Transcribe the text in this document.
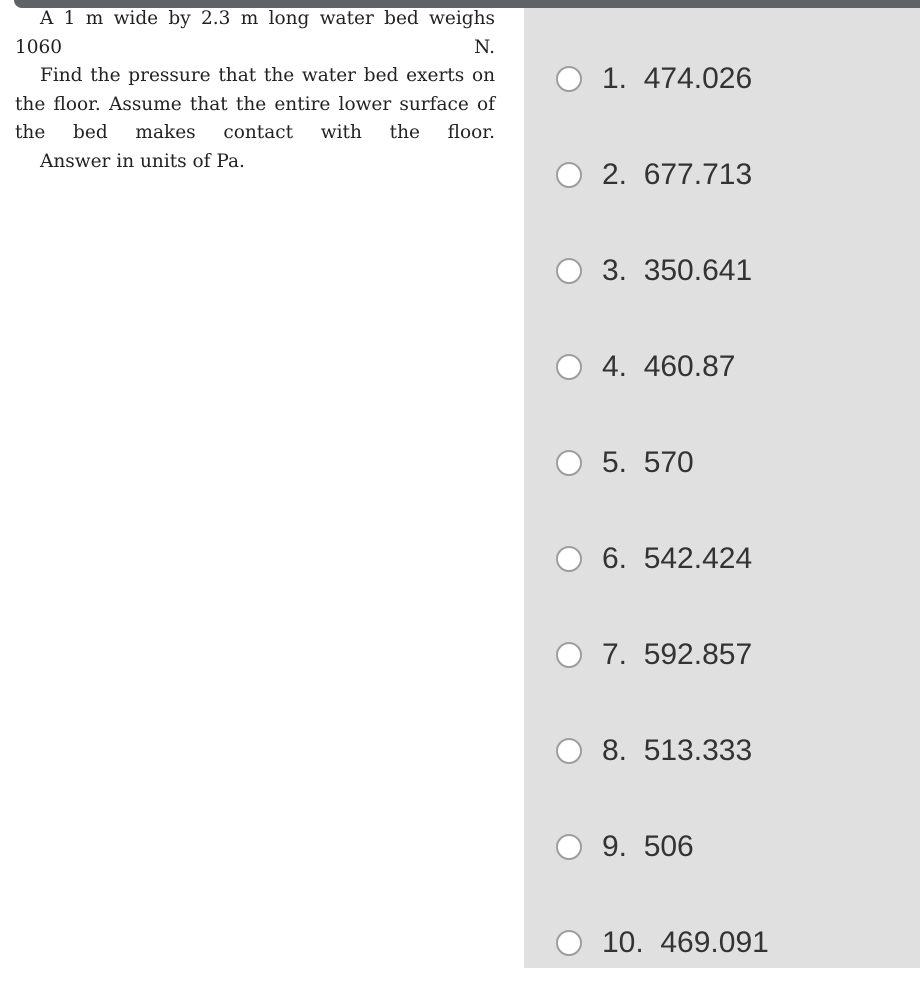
A 1 m wide by 2.3 m long water bed weighs 1060 N.

Find the pressure that the water bed exerts on the floor. Assume that the entire lower surface of the bed makes contact with the floor.

Answer in units of Pa.

1.  474.026
2.  677.713
3.  350.641
4.  460.87
5.  570
6.  542.424
7.  592.857
8.  513.333
9.  506
10.  469.091
